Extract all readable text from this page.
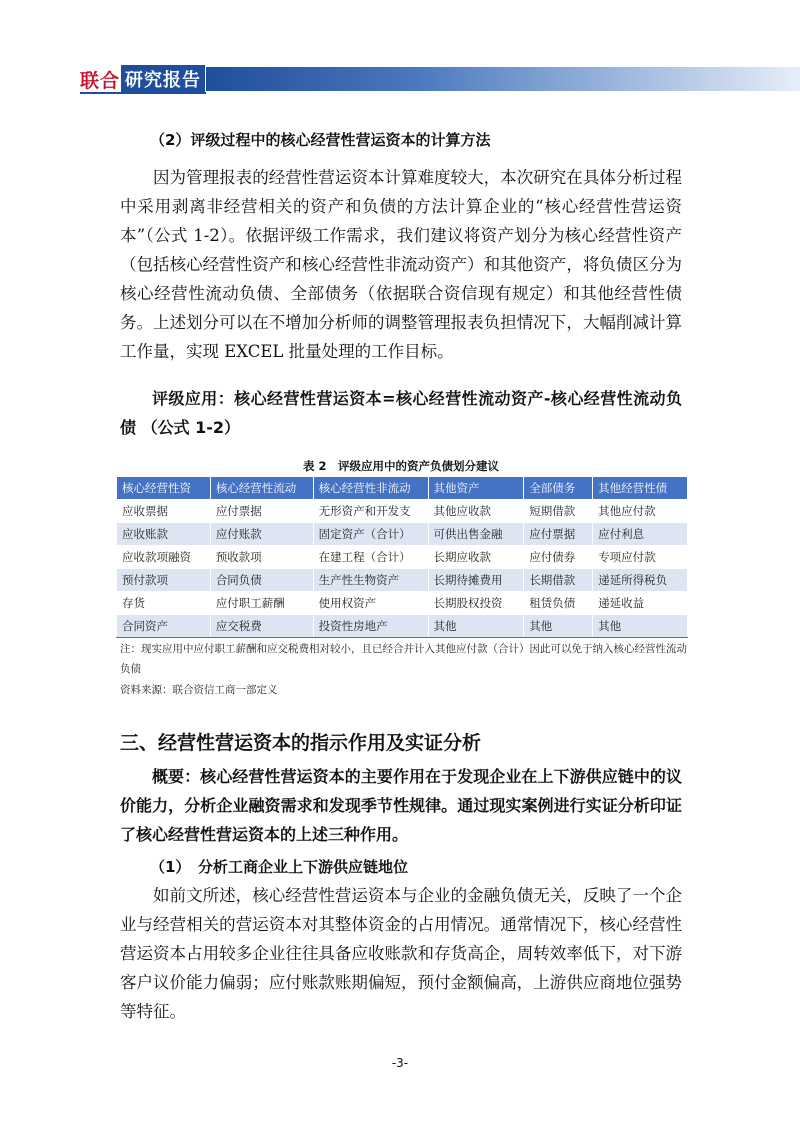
联合 研究报告
（2）评级过程中的核心经营性营运资本的计算方法

因为管理报表的经营性营运资本计算难度较大，本次研究在具体分析过程中采用剥离非经营相关的资产和负债的方法计算企业的“核心经营性营运资本”（公式 1-2）。依据评级工作需求，我们建议将资产划分为核心经营性资产（包括核心经营性资产和核心经营性非流动资产）和其他资产，将负债区分为核心经营性流动负债、全部债务（依据联合资信现有规定）和其他经营性债务。上述划分可以在不增加分析师的调整管理报表负担情况下，大幅削减计算工作量，实现 EXCEL 批量处理的工作目标。

评级应用：核心经营性营运资本=核心经营性流动资产-核心经营性流动负债 （公式 1-2）

表 2　评级应用中的资产负债划分建议
核心经营性资	核心经营性流动	核心经营性非流动	其他资产	全部债务	其他经营性债
应收票据	应付票据	无形资产和开发支	其他应收款	短期借款	其他应付款
应收账款	应付账款	固定资产（合计）	可供出售金融	应付票据	应付利息
应收款项融资	预收款项	在建工程（合计）	长期应收款	应付债券	专项应付款
预付款项	合同负债	生产性生物资产	长期待摊费用	长期借款	递延所得税负
存货	应付职工薪酬	使用权资产	长期股权投资	租赁负债	递延收益
合同资产	应交税费	投资性房地产	其他	其他	其他
注：现实应用中应付职工薪酬和应交税费相对较小，且已经合并计入其他应付款（合计）因此可以免于纳入核心经营性流动负债
资料来源：联合资信工商一部定义
三、经营性营运资本的指示作用及实证分析

概要：核心经营性营运资本的主要作用在于发现企业在上下游供应链中的议价能力，分析企业融资需求和发现季节性规律。通过现实案例进行实证分析印证了核心经营性营运资本的上述三种作用。

（1）　分析工商企业上下游供应链地位

如前文所述，核心经营性营运资本与企业的金融负债无关，反映了一个企业与经营相关的营运资本对其整体资金的占用情况。通常情况下，核心经营性营运资本占用较多企业往往具备应收账款和存货高企，周转效率低下，对下游客户议价能力偏弱；应付账款账期偏短，预付金额偏高，上游供应商地位强势等特征。

-3-
